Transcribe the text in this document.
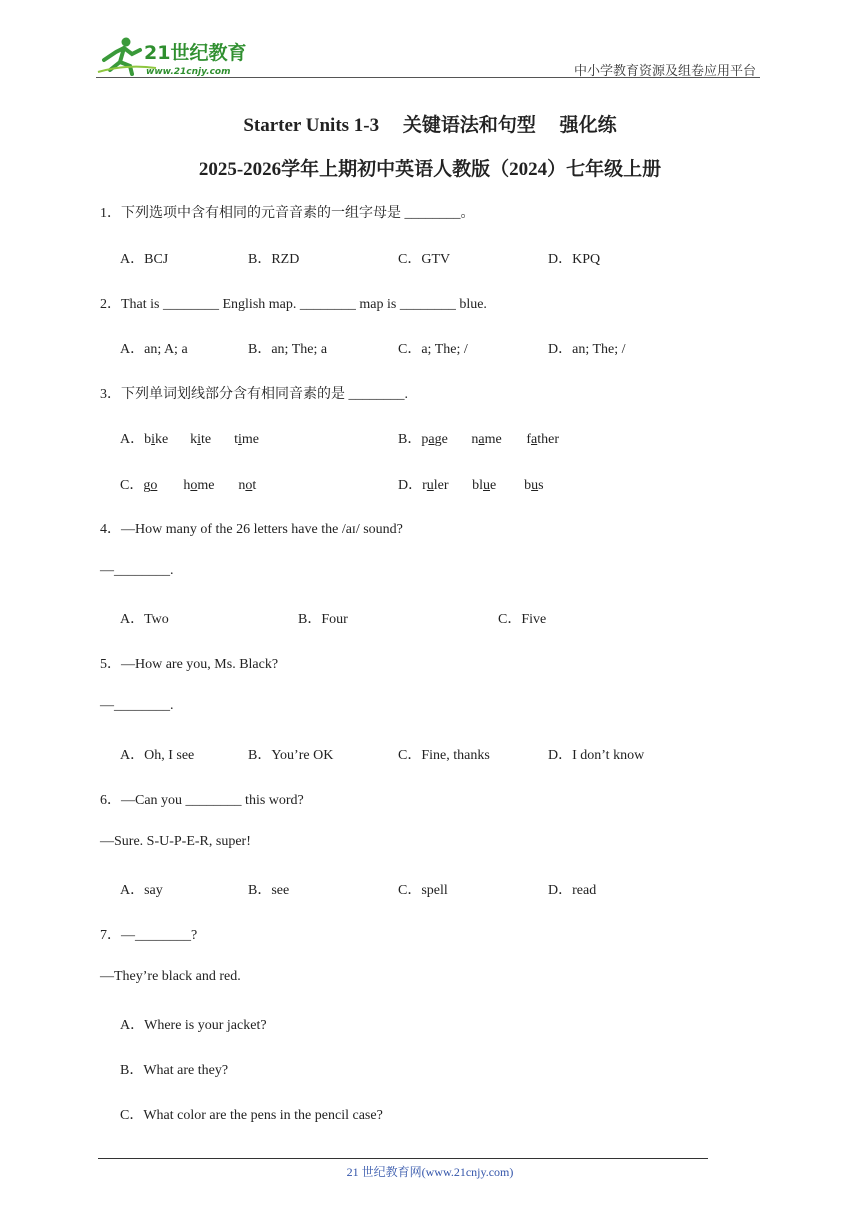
21世纪教育
www.21cnjy.com	中小学教育资源及组卷应用平台
Starter Units 1-3　 关键语法和句型　 强化练
2025-2026学年上期初中英语人教版（2024）七年级上册
1．下列选项中含有相同的元音音素的一组字母是 ________。
A．BCJ	B．RZD	C．GTV	D．KPQ
2．That is ________ English map. ________ map is ________ blue.
A．an; A; a	B．an; The; a	C．a; The; /	D．an; The; /
3．下列单词划线部分含有相同音素的是 ________.
A．bike kite time	B．page name father
C．go home not	D．ruler blue bus
4．—How many of the 26 letters have the /aɪ/ sound?
—________.
A．Two	B．Four	C．Five
5．—How are you, Ms. Black?
—________.
A．Oh, I see	B．You’re OK	C．Fine, thanks	D．I don’t know
6．—Can you ________ this word?
—Sure. S-U-P-E-R, super!
A．say	B．see	C．spell	D．read
7．—________?
—They’re black and red.
A．Where is your jacket?
B．What are they?
C．What color are the pens in the pencil case?
21 世纪教育网(www.21cnjy.com)
